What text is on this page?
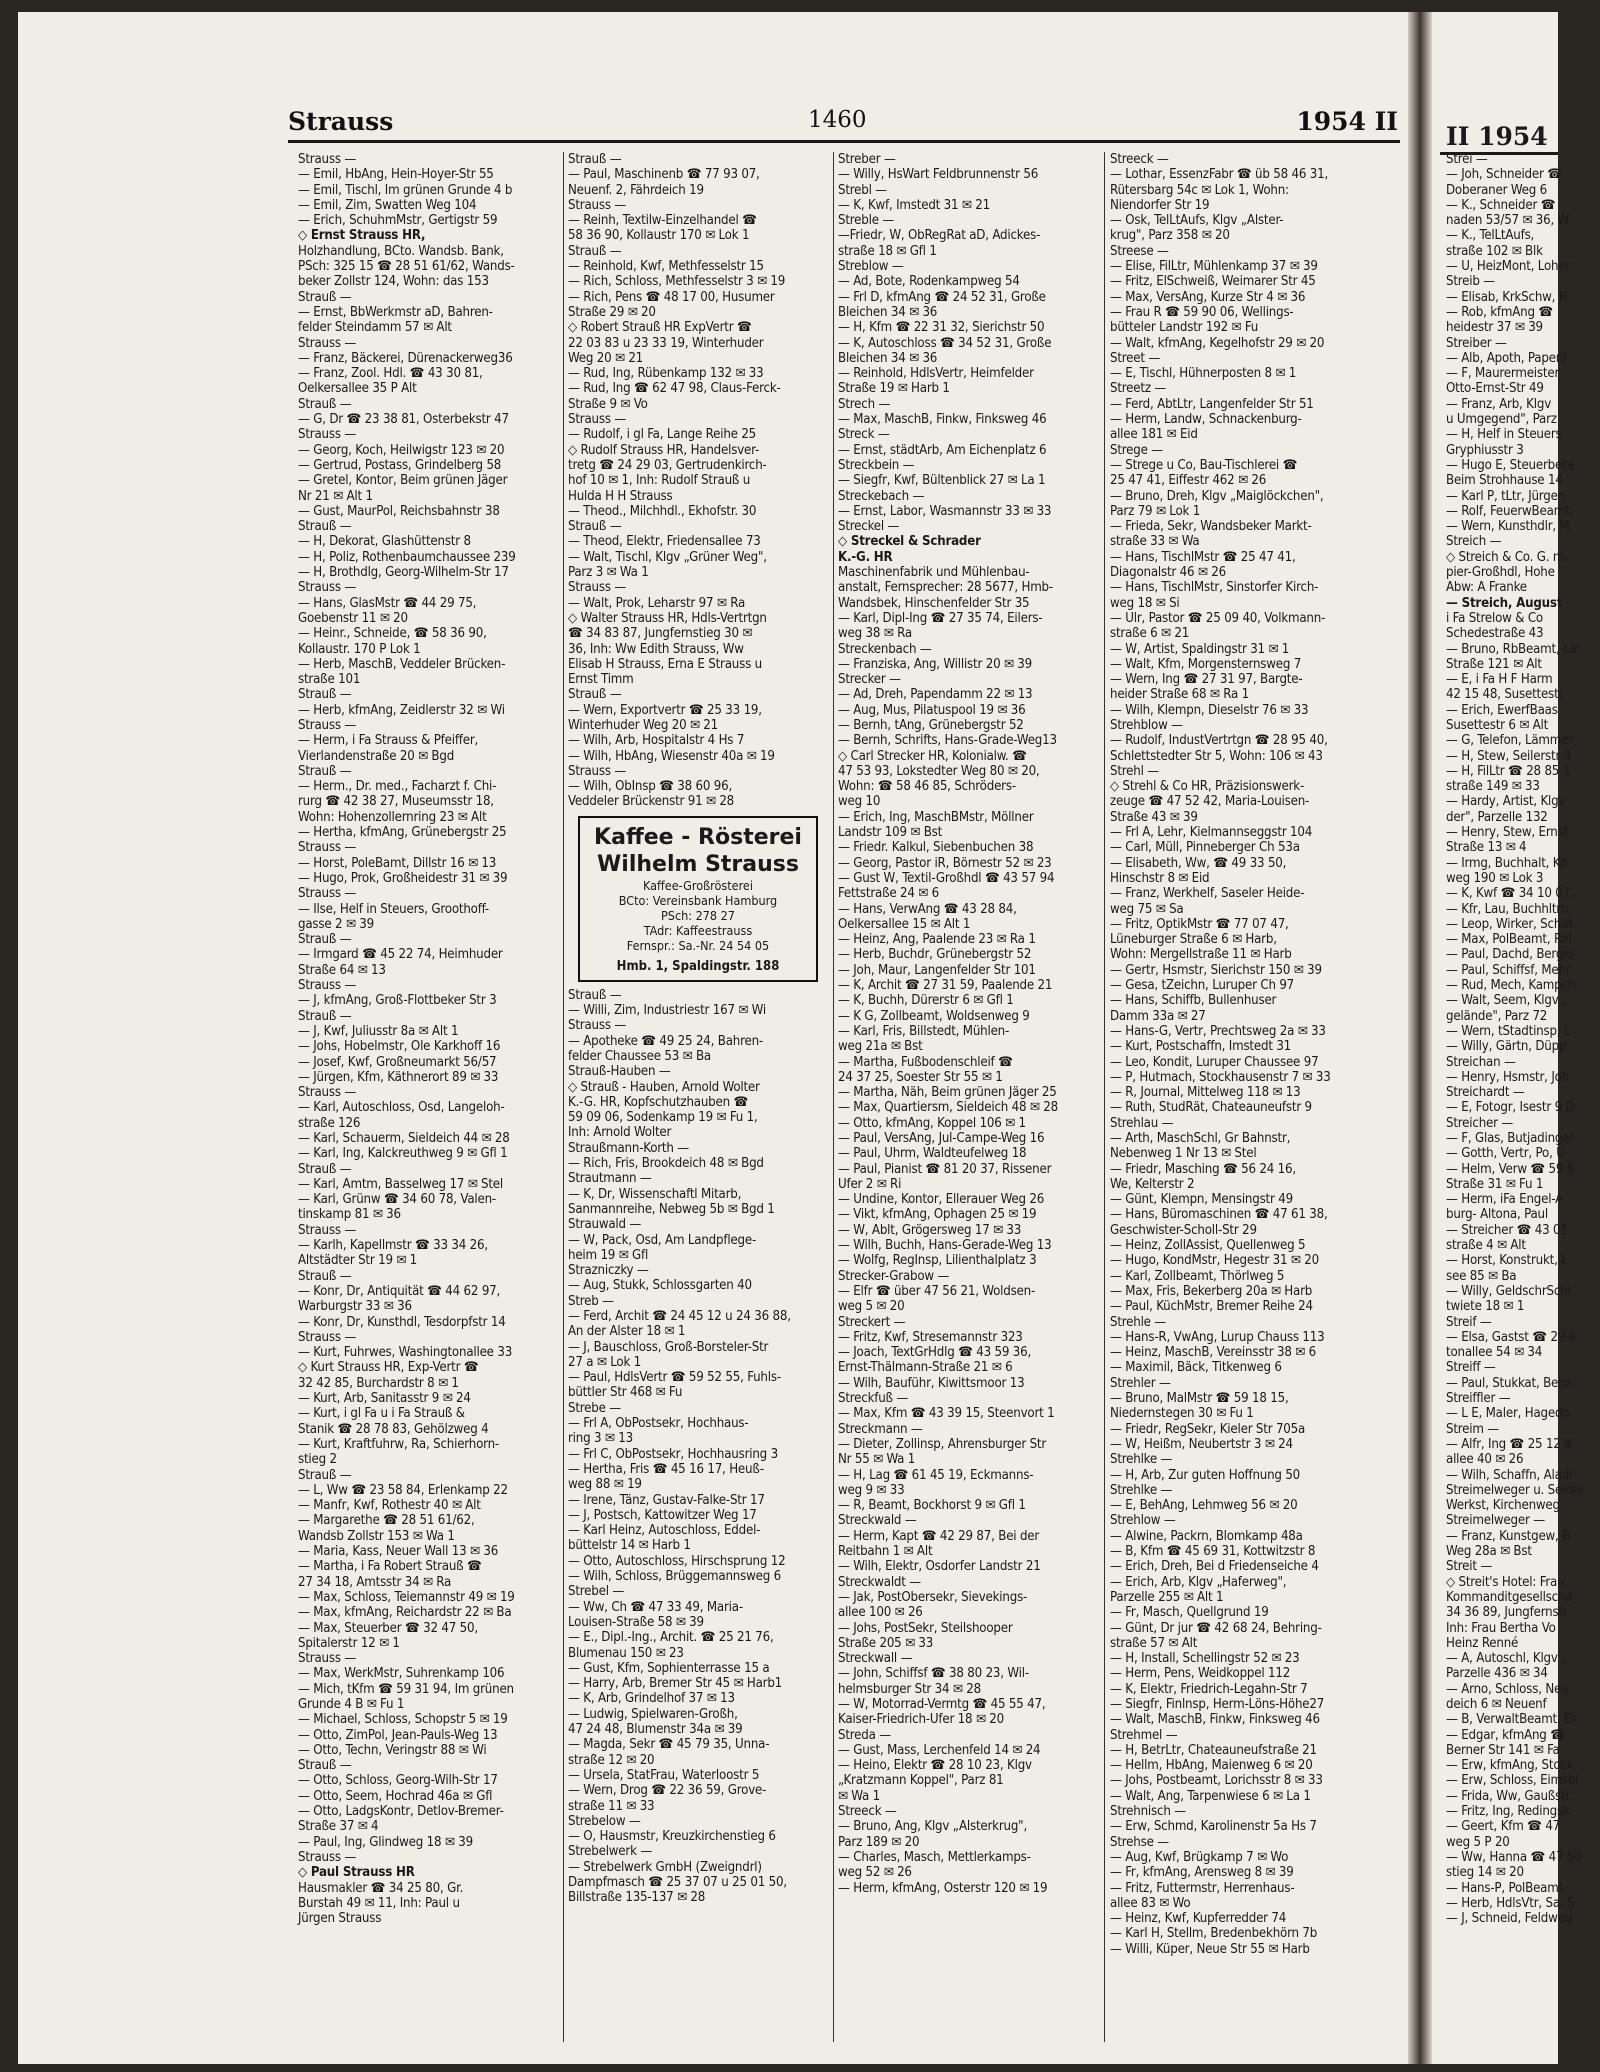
Strauss	1460	1954 II
II 1954
Strauss —
— Emil, HbAng, Hein-Hoyer-Str 55
— Emil, Tischl, Im grünen Grunde 4 b
— Emil, Zim, Swatten Weg 104
— Erich, SchuhmMstr, Gertigstr 59
◇ Ernst Strauss HR,
Holzhandlung, BCto. Wandsb. Bank,
PSch: 325 15 ☎ 28 51 61/62, Wands-
beker Zollstr 124, Wohn: das 153
Strauß —
— Ernst, BbWerkmstr aD, Bahren-
felder Steindamm 57 ✉ Alt
Strauss —
— Franz, Bäckerei, Dürenackerweg36
— Franz, Zool. Hdl. ☎ 43 30 81,
Oelkersallee 35 P Alt
Strauß —
— G, Dr ☎ 23 38 81, Osterbekstr 47
Strauss —
— Georg, Koch, Heilwigstr 123 ✉ 20
— Gertrud, Postass, Grindelberg 58
— Gretel, Kontor, Beim grünen Jäger
Nr 21 ✉ Alt 1
— Gust, MaurPol, Reichsbahnstr 38
Strauß —
— H, Dekorat, Glashüttenstr 8
— H, Poliz, Rothenbaumchaussee 239
— H, Brothdlg, Georg-Wilhelm-Str 17
Strauss —
— Hans, GlasMstr ☎ 44 29 75,
Goebenstr 11 ✉ 20
— Heinr., Schneide, ☎ 58 36 90,
Kollaustr. 170 P Lok 1
— Herb, MaschB, Veddeler Brücken-
straße 101
Strauß —
— Herb, kfmAng, Zeidlerstr 32 ✉ Wi
Strauss —
— Herm, i Fa Strauss & Pfeiffer,
Vierlandenstraße 20 ✉ Bgd
Strauß —
— Herm., Dr. med., Facharzt f. Chi-
rurg ☎ 42 38 27, Museumsstr 18,
Wohn: Hohenzollernring 23 ✉ Alt
— Hertha, kfmAng, Grünebergstr 25
Strauss —
— Horst, PoleBamt, Dillstr 16 ✉ 13
— Hugo, Prok, Großheidestr 31 ✉ 39
Strauss —
— Ilse, Helf in Steuers, Groothoff-
gasse 2 ✉ 39
Strauß —
— Irmgard ☎ 45 22 74, Heimhuder
Straße 64 ✉ 13
Strauss —
— J, kfmAng, Groß-Flottbeker Str 3
Strauß —
— J, Kwf, Juliusstr 8a ✉ Alt 1
— Johs, Hobelmstr, Ole Karkhoff 16
— Josef, Kwf, Großneumarkt 56/57
— Jürgen, Kfm, Käthnerort 89 ✉ 33
Strauss —
— Karl, Autoschloss, Osd, Langeloh-
straße 126
— Karl, Schauerm, Sieldeich 44 ✉ 28
— Karl, Ing, Kalckreuthweg 9 ✉ Gfl 1
Strauß —
— Karl, Amtm, Basselweg 17 ✉ Stel
— Karl, Grünw ☎ 34 60 78, Valen-
tinskamp 81 ✉ 36
Strauss —
— Karlh, Kapellmstr ☎ 33 34 26,
Altstädter Str 19 ✉ 1
Strauß —
— Konr, Dr, Antiquität ☎ 44 62 97,
Warburgstr 33 ✉ 36
— Konr, Dr, Kunsthdl, Tesdorpfstr 14
Strauss —
— Kurt, Fuhrwes, Washingtonallee 33
◇ Kurt Strauss HR, Exp-Vertr ☎
32 42 85, Burchardstr 8 ✉ 1
— Kurt, Arb, Sanitasstr 9 ✉ 24
— Kurt, i gl Fa u i Fa Strauß &
Stanik ☎ 28 78 83, Gehölzweg 4
— Kurt, Kraftfuhrw, Ra, Schierhorn-
stieg 2
Strauß —
— L, Ww ☎ 23 58 84, Erlenkamp 22
— Manfr, Kwf, Rothestr 40 ✉ Alt
— Margarethe ☎ 28 51 61/62,
Wandsb Zollstr 153 ✉ Wa 1
— Maria, Kass, Neuer Wall 13 ✉ 36
— Martha, i Fa Robert Strauß ☎
27 34 18, Amtsstr 34 ✉ Ra
— Max, Schloss, Teiemannstr 49 ✉ 19
— Max, kfmAng, Reichardstr 22 ✉ Ba
— Max, Steuerber ☎ 32 47 50,
Spitalerstr 12 ✉ 1
Strauss —
— Max, WerkMstr, Suhrenkamp 106
— Mich, tKfm ☎ 59 31 94, Im grünen
Grunde 4 B ✉ Fu 1
— Michael, Schloss, Schopstr 5 ✉ 19
— Otto, ZimPol, Jean-Pauls-Weg 13
— Otto, Techn, Veringstr 88 ✉ Wi
Strauß —
— Otto, Schloss, Georg-Wilh-Str 17
— Otto, Seem, Hochrad 46a ✉ Gfl
— Otto, LadgsKontr, Detlov-Bremer-
Straße 37 ✉ 4
— Paul, Ing, Glindweg 18 ✉ 39
Strauss —
◇ Paul Strauss HR
Hausmakler ☎ 34 25 80, Gr.
Burstah 49 ✉ 11, Inh: Paul u
Jürgen Strauss
Strauß —
— Paul, Maschinenb ☎ 77 93 07,
Neuenf. 2, Fährdeich 19
Strauss —
— Reinh, Textilw-Einzelhandel ☎
58 36 90, Kollaustr 170 ✉ Lok 1
Strauß —
— Reinhold, Kwf, Methfesselstr 15
— Rich, Schloss, Methfesselstr 3 ✉ 19
— Rich, Pens ☎ 48 17 00, Husumer
Straße 29 ✉ 20
◇ Robert Strauß HR ExpVertr ☎
22 03 83 u 23 33 19, Winterhuder
Weg 20 ✉ 21
— Rud, Ing, Rübenkamp 132 ✉ 33
— Rud, Ing ☎ 62 47 98, Claus-Ferck-
Straße 9 ✉ Vo
Strauss —
— Rudolf, i gl Fa, Lange Reihe 25
◇ Rudolf Strauss HR, Handelsver-
tretg ☎ 24 29 03, Gertrudenkirch-
hof 10 ✉ 1, Inh: Rudolf Strauß u
Hulda H H Strauss
— Theod., Milchhdl., Ekhofstr. 30
Strauß —
— Theod, Elektr, Friedensallee 73
— Walt, Tischl, Klgv „Grüner Weg",
Parz 3 ✉ Wa 1
Strauss —
— Walt, Prok, Leharstr 97 ✉ Ra
◇ Walter Strauss HR, Hdls-Vertrtgn
☎ 34 83 87, Jungfernstieg 30 ✉
36, Inh: Ww Edith Strauss, Ww
Elisab H Strauss, Erna E Strauss u
Ernst Timm
Strauß —
— Wern, Exportvertr ☎ 25 33 19,
Winterhuder Weg 20 ✉ 21
— Wilh, Arb, Hospitalstr 4 Hs 7
— Wilh, HbAng, Wiesenstr 40a ✉ 19
Strauss —
— Wilh, ObInsp ☎ 38 60 96,
Veddeler Brückenstr 91 ✉ 28
Kaffee - Rösterei
Wilhelm Strauss
Kaffee-Großrösterei
BCto: Vereinsbank Hamburg
PSch: 278 27
TAdr: Kaffeestrauss
Fernspr.: Sa.-Nr. 24 54 05
Hmb. 1, Spaldingstr. 188
Strauß —
— Willi, Zim, Industriestr 167 ✉ Wi
Strauss —
— Apotheke ☎ 49 25 24, Bahren-
felder Chaussee 53 ✉ Ba
Strauß-Hauben —
◇ Strauß - Hauben, Arnold Wolter
K.-G. HR, Kopfschutzhauben ☎
59 09 06, Sodenkamp 19 ✉ Fu 1,
Inh: Arnold Wolter
Straußmann-Korth —
— Rich, Fris, Brookdeich 48 ✉ Bgd
Strautmann —
— K, Dr, Wissenschaftl Mitarb,
Sanmannreihe, Nebweg 5b ✉ Bgd 1
Strauwald —
— W, Pack, Osd, Am Landpflege-
heim 19 ✉ Gfl
Strazniczky —
— Aug, Stukk, Schlossgarten 40
Streb —
— Ferd, Archit ☎ 24 45 12 u 24 36 88,
An der Alster 18 ✉ 1
— J, Bauschloss, Groß-Borsteler-Str
27 a ✉ Lok 1
— Paul, HdlsVertr ☎ 59 52 55, Fuhls-
büttler Str 468 ✉ Fu
Strebe —
— Frl A, ObPostsekr, Hochhaus-
ring 3 ✉ 13
— Frl C, ObPostsekr, Hochhausring 3
— Hertha, Fris ☎ 45 16 17, Heuß-
weg 88 ✉ 19
— Irene, Tänz, Gustav-Falke-Str 17
— J, Postsch, Kattowitzer Weg 17
— Karl Heinz, Autoschloss, Eddel-
büttelstr 14 ✉ Harb 1
— Otto, Autoschloss, Hirschsprung 12
— Wilh, Schloss, Brüggemannsweg 6
Strebel —
— Ww, Ch ☎ 47 33 49, Maria-
Louisen-Straße 58 ✉ 39
— E., Dipl.-Ing., Archit. ☎ 25 21 76,
Blumenau 150 ✉ 23
— Gust, Kfm, Sophienterrasse 15 a
— Harry, Arb, Bremer Str 45 ✉ Harb1
— K, Arb, Grindelhof 37 ✉ 13
— Ludwig, Spielwaren-Großh,
47 24 48, Blumenstr 34a ✉ 39
— Magda, Sekr ☎ 45 79 35, Unna-
straße 12 ✉ 20
— Ursela, StatFrau, Waterloostr 5
— Wern, Drog ☎ 22 36 59, Grove-
straße 11 ✉ 33
Strebelow —
— O, Hausmstr, Kreuzkirchenstieg 6
Strebelwerk —
— Strebelwerk GmbH (Zweigndrl)
Dampfmasch ☎ 25 37 07 u 25 01 50,
Billstraße 135-137 ✉ 28
Streber —
— Willy, HsWart Feldbrunnenstr 56
Strebl —
— K, Kwf, Imstedt 31 ✉ 21
Streble —
—Friedr, W, ObRegRat aD, Adickes-
straße 18 ✉ Gfl 1
Streblow —
— Ad, Bote, Rodenkampweg 54
— Frl D, kfmAng ☎ 24 52 31, Große
Bleichen 34 ✉ 36
— H, Kfm ☎ 22 31 32, Sierichstr 50
— K, Autoschloss ☎ 34 52 31, Große
Bleichen 34 ✉ 36
— Reinhold, HdlsVertr, Heimfelder
Straße 19 ✉ Harb 1
Strech —
— Max, MaschB, Finkw, Finksweg 46
Streck —
— Ernst, städtArb, Am Eichenplatz 6
Streckbein —
— Siegfr, Kwf, Bültenblick 27 ✉ La 1
Streckebach —
— Ernst, Labor, Wasmannstr 33 ✉ 33
Streckel —
◇ Streckel & Schrader
K.-G. HR
Maschinenfabrik und Mühlenbau-
anstalt, Fernsprecher: 28 5677, Hmb-
Wandsbek, Hinschenfelder Str 35
— Karl, Dipl-Ing ☎ 27 35 74, Eilers-
weg 38 ✉ Ra
Streckenbach —
— Franziska, Ang, Willistr 20 ✉ 39
Strecker —
— Ad, Dreh, Papendamm 22 ✉ 13
— Aug, Mus, Pilatuspool 19 ✉ 36
— Bernh, tAng, Grünebergstr 52
— Bernh, Schrifts, Hans-Grade-Weg13
◇ Carl Strecker HR, Kolonialw. ☎
47 53 93, Lokstedter Weg 80 ✉ 20,
Wohn: ☎ 58 46 85, Schröders-
weg 10
— Erich, Ing, MaschBMstr, Möllner
Landstr 109 ✉ Bst
— Friedr. Kalkul, Siebenbuchen 38
— Georg, Pastor iR, Börnestr 52 ✉ 23
— Gust W, Textil-Großhdl ☎ 43 57 94
Fettstraße 24 ✉ 6
— Hans, VerwAng ☎ 43 28 84,
Oelkersallee 15 ✉ Alt 1
— Heinz, Ang, Paalende 23 ✉ Ra 1
— Herb, Buchdr, Grünebergstr 52
— Joh, Maur, Langenfelder Str 101
— K, Archit ☎ 27 31 59, Paalende 21
— K, Buchh, Dürerstr 6 ✉ Gfl 1
— K G, Zollbeamt, Woldsenweg 9
— Karl, Fris, Billstedt, Mühlen-
weg 21a ✉ Bst
— Martha, Fußbodenschleif ☎
24 37 25, Soester Str 55 ✉ 1
— Martha, Näh, Beim grünen Jäger 25
— Max, Quartiersm, Sieldeich 48 ✉ 28
— Otto, kfmAng, Koppel 106 ✉ 1
— Paul, VersAng, Jul-Campe-Weg 16
— Paul, Uhrm, Waldteufelweg 18
— Paul, Pianist ☎ 81 20 37, Rissener
Ufer 2 ✉ Ri
— Undine, Kontor, Ellerauer Weg 26
— Vikt, kfmAng, Ophagen 25 ✉ 19
— W, Ablt, Grögersweg 17 ✉ 33
— Wilh, Buchh, Hans-Gerade-Weg 13
— Wolfg, RegInsp, Lilienthalplatz 3
Strecker-Grabow —
— Elfr ☎ über 47 56 21, Woldsen-
weg 5 ✉ 20
Streckert —
— Fritz, Kwf, Stresemannstr 323
— Joach, TextGrHdlg ☎ 43 59 36,
Ernst-Thälmann-Straße 21 ✉ 6
— Wilh, Bauführ, Kiwittsmoor 13
Streckfuß —
— Max, Kfm ☎ 43 39 15, Steenvort 1
Streckmann —
— Dieter, Zollinsp, Ahrensburger Str
Nr 55 ✉ Wa 1
— H, Lag ☎ 61 45 19, Eckmanns-
weg 9 ✉ 33
— R, Beamt, Bockhorst 9 ✉ Gfl 1
Streckwald —
— Herm, Kapt ☎ 42 29 87, Bei der
Reitbahn 1 ✉ Alt
— Wilh, Elektr, Osdorfer Landstr 21
Streckwaldt —
— Jak, PostObersekr, Sievekings-
allee 100 ✉ 26
— Johs, PostSekr, Steilshooper
Straße 205 ✉ 33
Streckwall —
— John, Schiffsf ☎ 38 80 23, Wil-
helmsburger Str 34 ✉ 28
— W, Motorrad-Vermtg ☎ 45 55 47,
Kaiser-Friedrich-Ufer 18 ✉ 20
Streda —
— Gust, Mass, Lerchenfeld 14 ✉ 24
— Heino, Elektr ☎ 28 10 23, Klgv
„Kratzmann Koppel", Parz 81
✉ Wa 1
Streeck —
— Bruno, Ang, Klgv „Alsterkrug",
Parz 189 ✉ 20
— Charles, Masch, Mettlerkamps-
weg 52 ✉ 26
— Herm, kfmAng, Osterstr 120 ✉ 19
Streeck —
— Lothar, EssenzFabr ☎ üb 58 46 31,
Rütersbarg 54c ✉ Lok 1, Wohn:
Niendorfer Str 19
— Osk, TelLtAufs, Klgv „Alster-
krug", Parz 358 ✉ 20
Streese —
— Elise, FilLtr, Mühlenkamp 37 ✉ 39
— Fritz, ElSchweiß, Weimarer Str 45
— Max, VersAng, Kurze Str 4 ✉ 36
— Frau R ☎ 59 90 06, Wellings-
bütteler Landstr 192 ✉ Fu
— Walt, kfmAng, Kegelhofstr 29 ✉ 20
Street —
— E, Tischl, Hühnerposten 8 ✉ 1
Streetz —
— Ferd, AbtLtr, Langenfelder Str 51
— Herm, Landw, Schnackenburg-
allee 181 ✉ Eid
Strege —
— Strege u Co, Bau-Tischlerei ☎
25 47 41, Eiffestr 462 ✉ 26
— Bruno, Dreh, Klgv „Maiglöckchen",
Parz 79 ✉ Lok 1
— Frieda, Sekr, Wandsbeker Markt-
straße 33 ✉ Wa
— Hans, TischlMstr ☎ 25 47 41,
Diagonalstr 46 ✉ 26
— Hans, TischlMstr, Sinstorfer Kirch-
weg 18 ✉ Si
— Ulr, Pastor ☎ 25 09 40, Volkmann-
straße 6 ✉ 21
— W, Artist, Spaldingstr 31 ✉ 1
— Walt, Kfm, Morgensternsweg 7
— Wern, Ing ☎ 27 31 97, Bargte-
heider Straße 68 ✉ Ra 1
— Wilh, Klempn, Dieselstr 76 ✉ 33
Strehblow —
— Rudolf, IndustVertrtgn ☎ 28 95 40,
Schlettstedter Str 5, Wohn: 106 ✉ 43
Strehl —
◇ Strehl & Co HR, Präzisionswerk-
zeuge ☎ 47 52 42, Maria-Louisen-
Straße 43 ✉ 39
— Frl A, Lehr, Kielmannseggstr 104
— Carl, Müll, Pinneberger Ch 53a
— Elisabeth, Ww, ☎ 49 33 50,
Hinschstr 8 ✉ Eid
— Franz, Werkhelf, Saseler Heide-
weg 75 ✉ Sa
— Fritz, OptikMstr ☎ 77 07 47,
Lüneburger Straße 6 ✉ Harb,
Wohn: Mergellstraße 11 ✉ Harb
— Gertr, Hsmstr, Sierichstr 150 ✉ 39
— Gesa, tZeichn, Luruper Ch 97
— Hans, Schiffb, Bullenhuser
Damm 33a ✉ 27
— Hans-G, Vertr, Prechtsweg 2a ✉ 33
— Kurt, Postschaffn, Imstedt 31
— Leo, Kondit, Luruper Chaussee 97
— P, Hutmach, Stockhausenstr 7 ✉ 33
— R, Journal, Mittelweg 118 ✉ 13
— Ruth, StudRät, Chateauneufstr 9
Strehlau —
— Arth, MaschSchl, Gr Bahnstr,
Nebenweg 1 Nr 13 ✉ Stel
— Friedr, Masching ☎ 56 24 16,
We, Kelterstr 2
— Günt, Klempn, Mensingstr 49
— Hans, Büromaschinen ☎ 47 61 38,
Geschwister-Scholl-Str 29
— Heinz, ZollAssist, Quellenweg 5
— Hugo, KondMstr, Hegestr 31 ✉ 20
— Karl, Zollbeamt, Thörlweg 5
— Max, Fris, Bekerberg 20a ✉ Harb
— Paul, KüchMstr, Bremer Reihe 24
Strehle —
— Hans-R, VwAng, Lurup Chauss 113
— Heinz, MaschB, Vereinsstr 38 ✉ 6
— Maximil, Bäck, Titkenweg 6
Strehler —
— Bruno, MalMstr ☎ 59 18 15,
Niedernstegen 30 ✉ Fu 1
— Friedr, RegSekr, Kieler Str 705a
— W, Heißm, Neubertstr 3 ✉ 24
Strehlke —
— H, Arb, Zur guten Hoffnung 50
Strehlke —
— E, BehAng, Lehmweg 56 ✉ 20
Strehlow —
— Alwine, Packrn, Blomkamp 48a
— B, Kfm ☎ 45 69 31, Kottwitzstr 8
— Erich, Dreh, Bei d Friedenseiche 4
— Erich, Arb, Klgv „Haferweg",
Parzelle 255 ✉ Alt 1
— Fr, Masch, Quellgrund 19
— Günt, Dr jur ☎ 42 68 24, Behring-
straße 57 ✉ Alt
— H, Install, Schellingstr 52 ✉ 23
— Herm, Pens, Weidkoppel 112
— K, Elektr, Friedrich-Legahn-Str 7
— Siegfr, Finlnsp, Herm-Löns-Höhe27
— Walt, MaschB, Finkw, Finksweg 46
Strehmel —
— H, BetrLtr, Chateauneufstraße 21
— Hellm, HbAng, Maienweg 6 ✉ 20
— Johs, Postbeamt, Lorichsstr 8 ✉ 33
— Walt, Ang, Tarpenwiese 6 ✉ La 1
Strehnisch —
— Erw, Schmd, Karolinenstr 5a Hs 7
Strehse —
— Aug, Kwf, Brügkamp 7 ✉ Wo
— Fr, kfmAng, Arensweg 8 ✉ 39
— Fritz, Futtermstr, Herrenhaus-
allee 83 ✉ Wo
— Heinz, Kwf, Kupferredder 74
— Karl H, Stellm, Bredenbekhörn 7b
— Willi, Küper, Neue Str 55 ✉ Harb
Strei —
— Joh, Schneider ☎
Doberaner Weg 6
— K., Schneider ☎
naden 53/57 ✉ 36, W
— K., TelLtAufs,
straße 102 ✉ Blk
— U, HeizMont, Loher
Streib —
— Elisab, KrkSchw, H
— Rob, kfmAng ☎
heidestr 37 ✉ 39
Streiber —
— Alb, Apoth, Papenl
— F, Maurermeister
Otto-Ernst-Str 49
— Franz, Arb, Klgv
u Umgegend", Parz
— H, Helf in Steuers
Gryphiusstr 3
— Hugo E, Steuerbera
Beim Strohhause 14
— Karl P, tLtr, Jürgen
— Rolf, FeuerwBeamt,
— Wern, Kunsthdlr, M
Streich —
◇ Streich & Co. G. m.
pier-Großhdl, Hohe
Abw: A Franke
— Streich, August
i Fa Strelow & Co
Schedestraße 43
— Bruno, RbBeamt, Lar
Straße 121 ✉ Alt
— E, i Fa H F Harm
42 15 48, Susettestr
— Erich, EwerfBaas
Susettestr 6 ✉ Alt
— G, Telefon, Lämmer
— H, Stew, Seilerstr 4
— H, FilLtr ☎ 28 85 1
straße 149 ✉ 33
— Hardy, Artist, Klgv
der", Parzelle 132
— Henry, Stew, Ernst
Straße 13 ✉ 4
— Irmg, Buchhalt, Kö
weg 190 ✉ Lok 3
— K, Kwf ☎ 34 10 07,
— Kfr, Lau, Buchhltrn,
— Leop, Wirker, Schat
— Max, PolBeamt, Rel
— Paul, Dachd, Bergiu
— Paul, Schiffsf, Mehr
— Rud, Mech, Kampch
— Walt, Seem, Klgv „
gelände", Parz 72
— Wern, tStadtinsp, L
— Willy, Gärtn, Düpp
Streichan —
— Henry, Hsmstr, Joh
Streichardt —
— E, Fotogr, Isestr 9 D
Streicher —
— F, Glas, Butjadinger
— Gotth, Vertr, Po, U
— Helm, Verw ☎ 59 6
Straße 31 ✉ Fu 1
— Herm, iFa Engel-A
burg- Altona, Paul
— Streicher ☎ 43 01
straße 4 ✉ Alt
— Horst, Konstrukt, L
see 85 ✉ Ba
— Willy, GeldschrSchl
twiete 18 ✉ 1
Streif —
— Elsa, Gastst ☎ 29 4
tonallee 54 ✉ 34
Streiff —
— Paul, Stukkat, Benz
Streiffler —
— L E, Maler, Hagedo
Streim —
— Alfr, Ing ☎ 25 12 8
allee 40 ✉ 26
— Wilh, Schaffn, Aladi
Streimelweger u. Seidel
Werkst, Kirchenweg
Streimelweger —
— Franz, Kunstgew, B
Weg 28a ✉ Bst
Streit —
◇ Streit's Hotel: Frau
Kommanditgesellscha
34 36 89, Jungfernsti
Inh: Frau Bertha Vo
Heinz Renné
— A, Autoschl, Klgv „
Parzelle 436 ✉ 34
— Arno, Schloss, Neu
deich 6 ✉ Neuenf
— B, VerwaltBeamt, Er
— Edgar, kfmAng ☎
Berner Str 141 ✉ Fa
— Erw, kfmAng, Stock
— Erw, Schloss, Eimsbi
— Frida, Ww, Gaußstr
— Fritz, Ing, Redingsk
— Geert, Kfm ☎ 47
weg 5 P 20
— Ww, Hanna ☎ 47 50
stieg 14 ✉ 20
— Hans-P, PolBeamt,
— Herb, HdlsVtr, Sa, S
— J, Schneid, Feldweg
